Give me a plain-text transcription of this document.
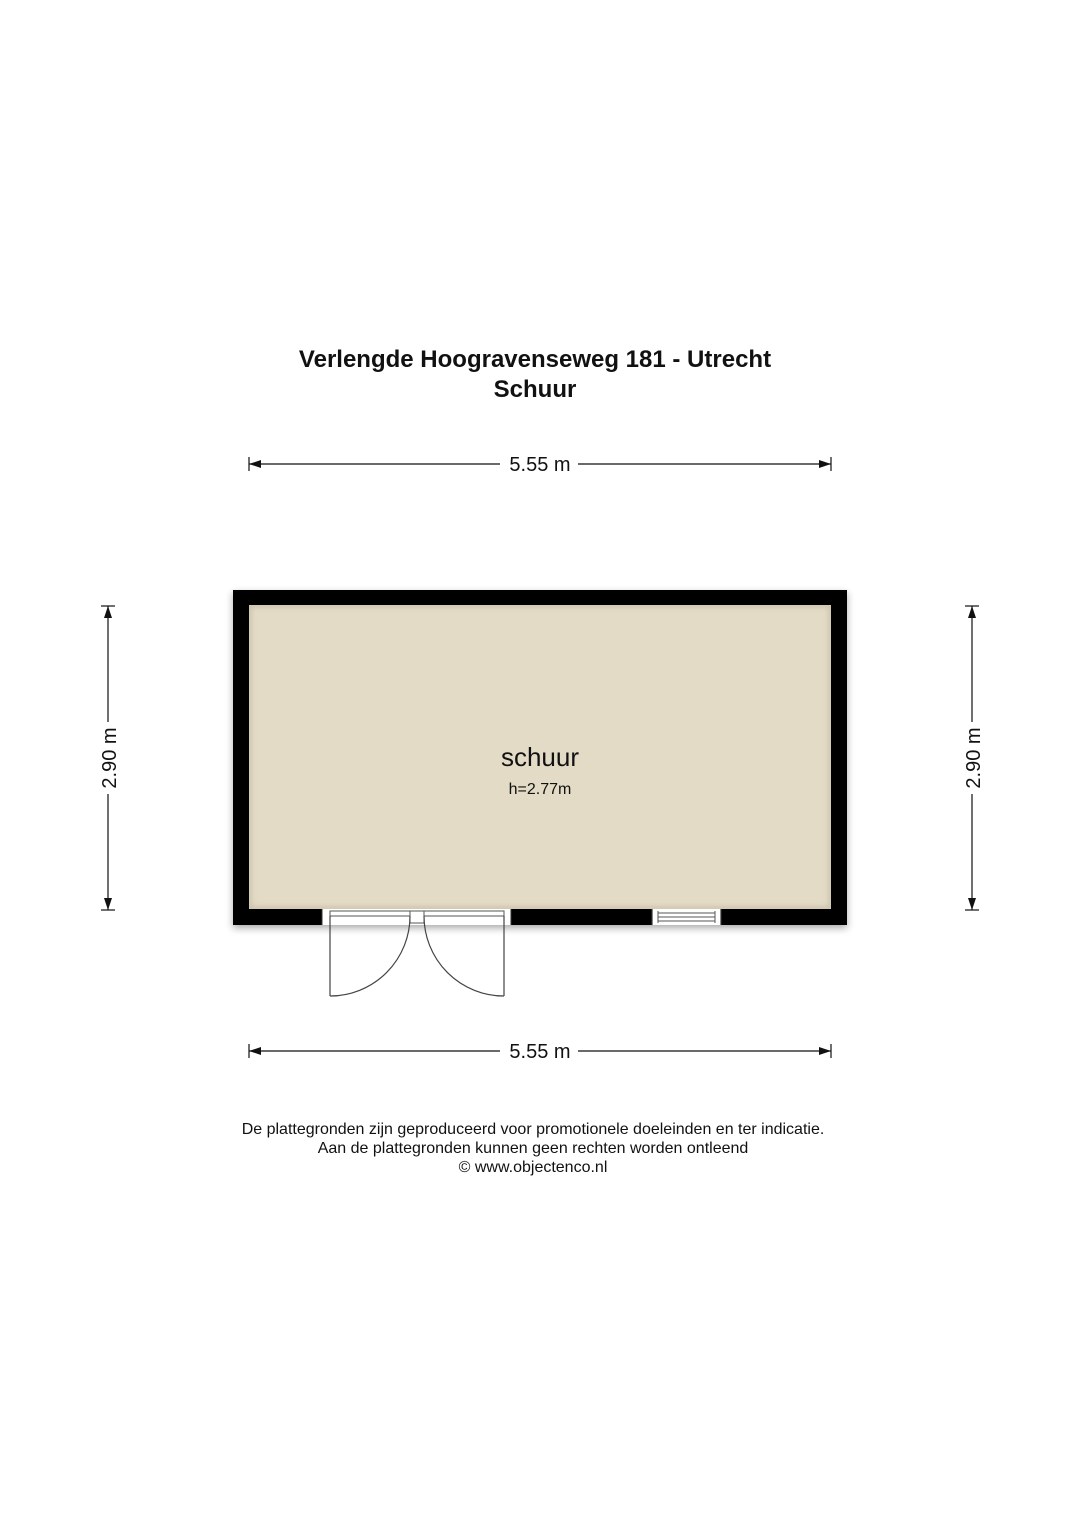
Verlengde Hoogravenseweg 181 - Utrecht
Schuur
5.55 m
5.55 m
2.90 m	2.90 m
schuur
h=2.77m
De plattegronden zijn geproduceerd voor promotionele doeleinden en ter indicatie.
Aan de plattegronden kunnen geen rechten worden ontleend
© www.objectenco.nl
